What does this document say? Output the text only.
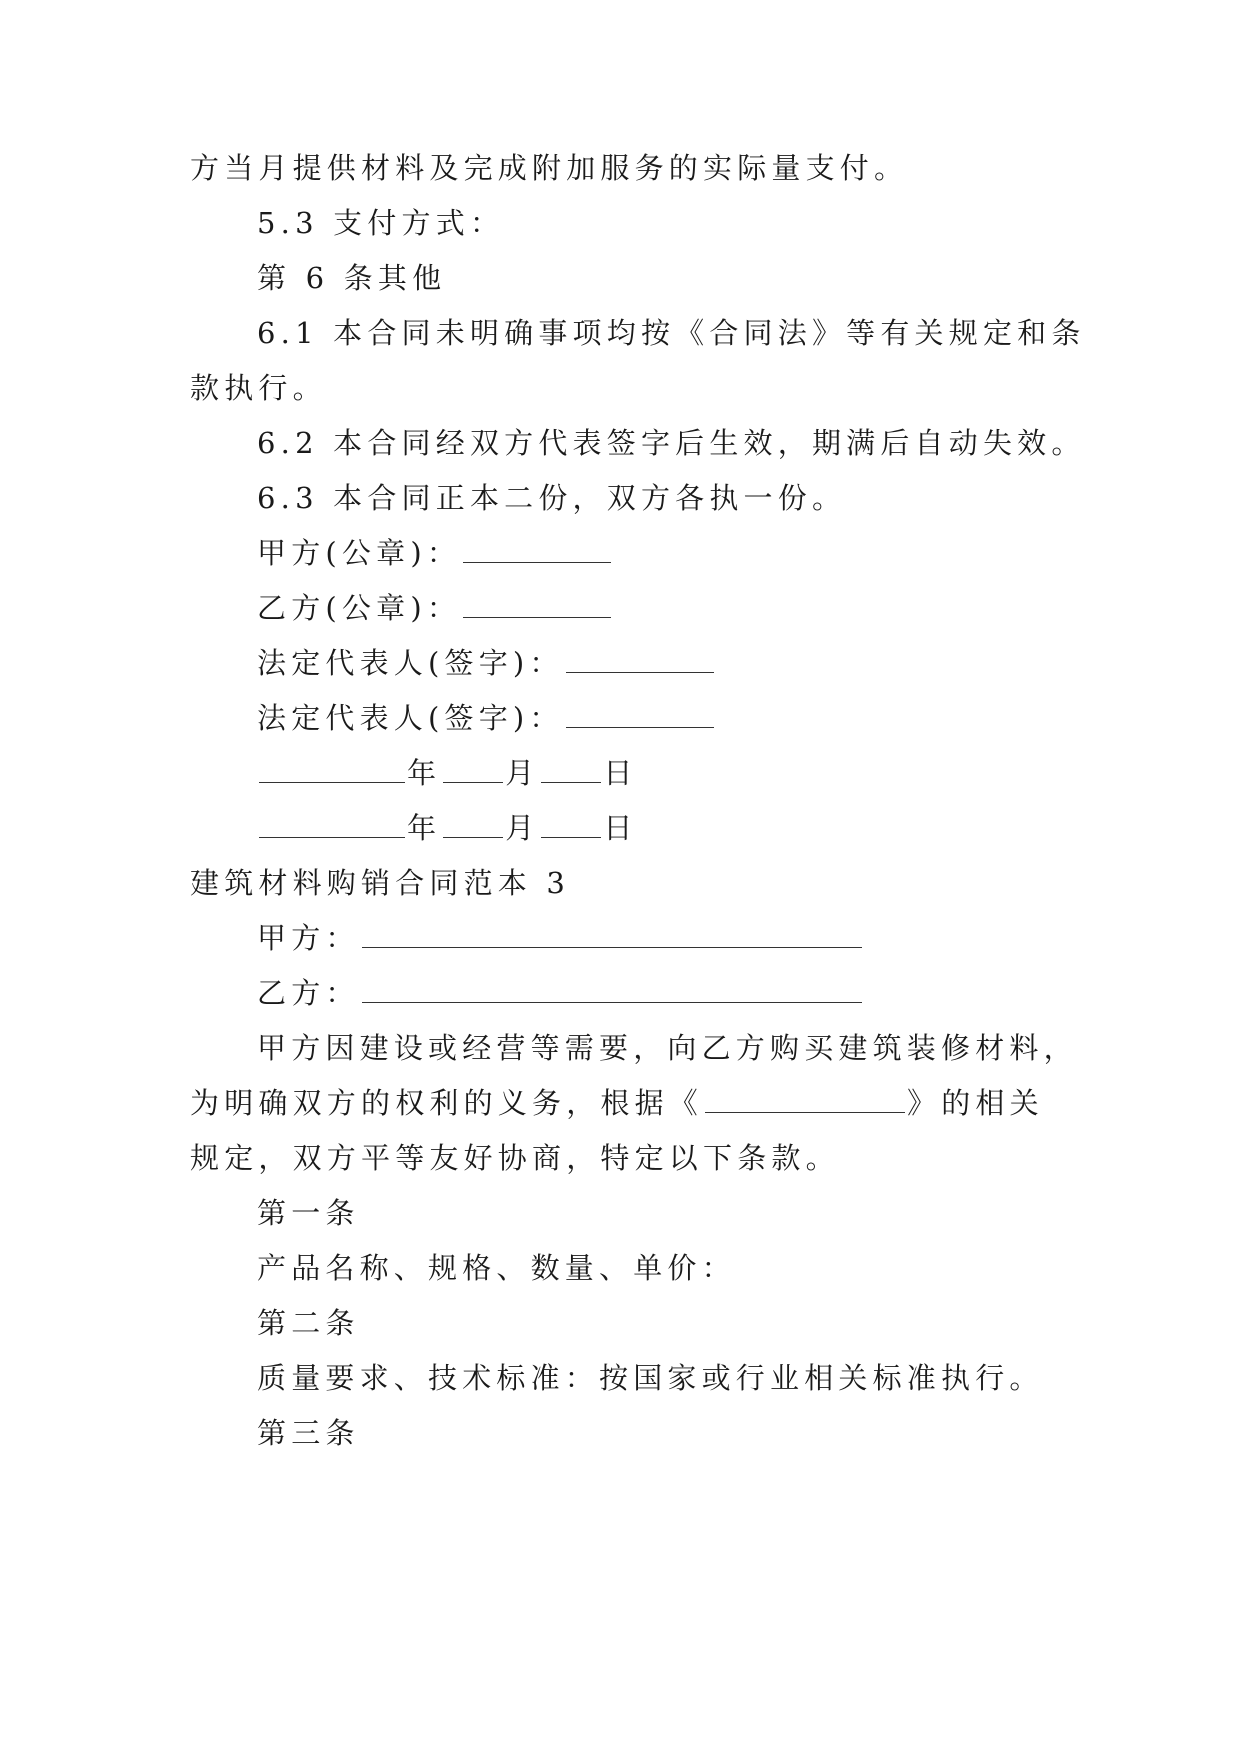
方当月提供材料及完成附加服务的实际量支付。
5.3 支付方式：
第 6 条其他
6.1 本合同未明确事项均按《合同法》等有关规定和条
款执行。
6.2 本合同经双方代表签字后生效，期满后自动失效。
6.3 本合同正本二份，双方各执一份。
甲方(公章)：
乙方(公章)：
法定代表人(签字)：
法定代表人(签字)：
年 月 日
年 月 日
建筑材料购销合同范本 3
甲方：
乙方：
甲方因建设或经营等需要，向乙方购买建筑装修材料，
为明确双方的权利的义务，根据《	》的相关
规定，双方平等友好协商，特定以下条款。
第一条
产品名称、规格、数量、单价：
第二条
质量要求、技术标准：按国家或行业相关标准执行。
第三条
